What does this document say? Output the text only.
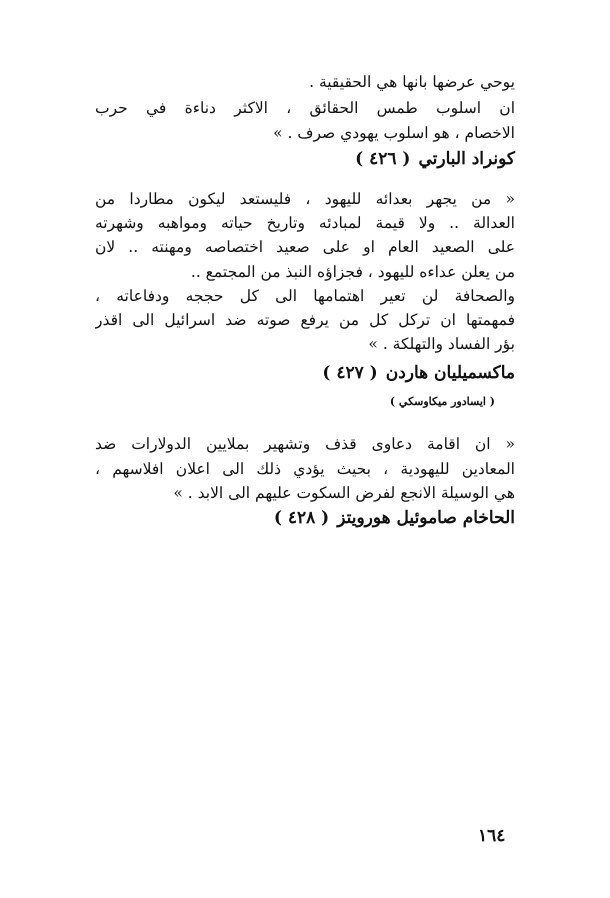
يوحي عرضها بانها هي الحقيقية .
ان اسلوب طمس الحقائق ، الاكثر دناءة في حرب
الاخصام ، هو اسلوب يهودي صرف . »
كونراد البارتي( ٤٢٦ )
« من يجهر بعدائه لليهود ، فليستعد ليكون مطاردا من
العدالة .. ولا قيمة لمبادئه وتاريخ حياته ومواهبه وشهرته
على الصعيد العام او على صعيد اختصاصه ومهنته .. لان
من يعلن عداءه لليهود ، فجزاؤه النبذ من المجتمع ..
والصحافة لن تعير اهتمامها الى كل حججه ودفاعاته ،
فمهمتها ان تركل كل من يرفع صوته ضد اسرائيل الى اقذر
بؤر الفساد والتهلكة . »
ماكسميليان هاردن( ٤٢٧ )
( ايسادور ميكاوسكي )
« ان اقامة دعاوى قذف وتشهير بملايين الدولارات ضد
المعادين لليهودية ، بحيث يؤدي ذلك الى اعلان افلاسهم ،
هي الوسيلة الانجع لفرض السكوت عليهم الى الابد . »
الحاخام صاموئيل هورويتز( ٤٢٨ )
١٦٤
